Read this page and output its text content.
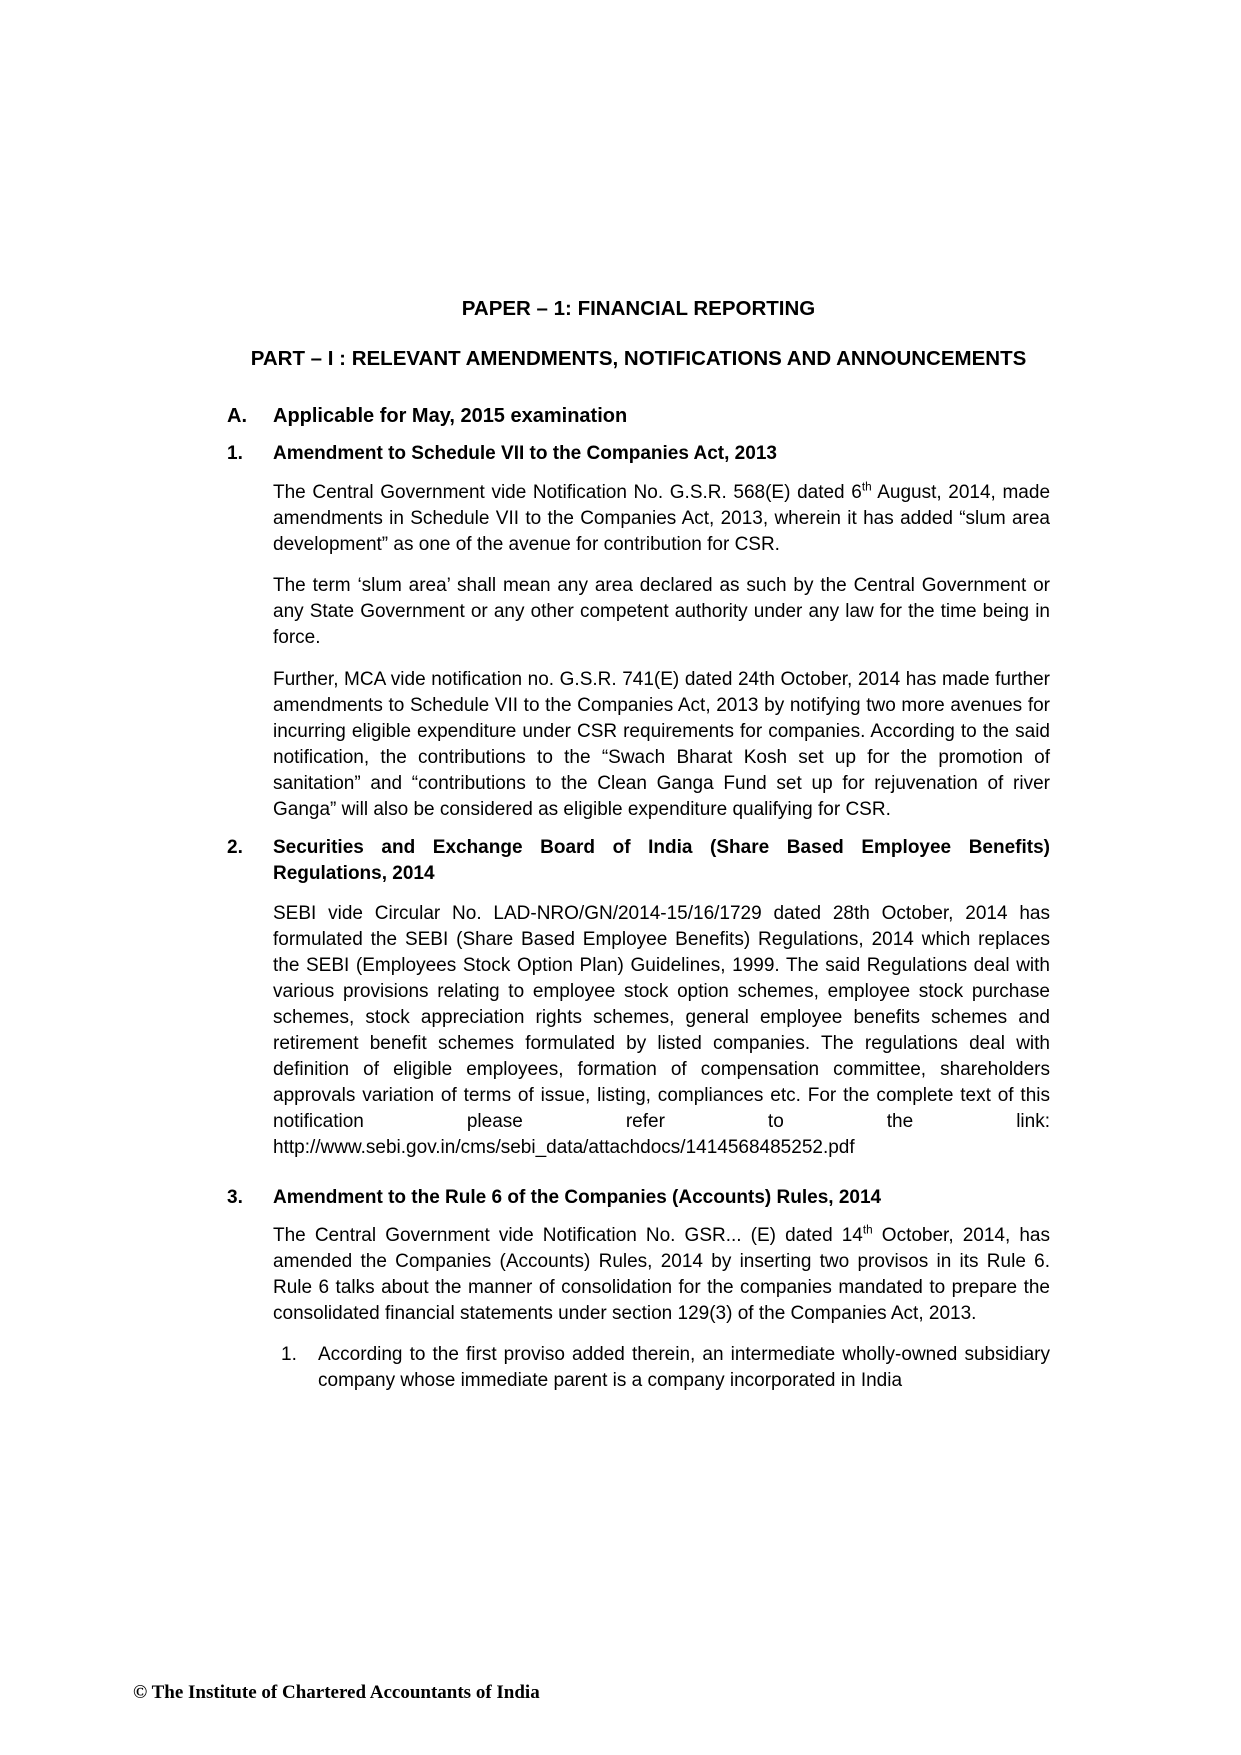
PAPER – 1: FINANCIAL REPORTING
PART – I : RELEVANT AMENDMENTS, NOTIFICATIONS AND ANNOUNCEMENTS
A. Applicable for May, 2015 examination
1. Amendment to Schedule VII to the Companies Act, 2013

The Central Government vide Notification No. G.S.R. 568(E) dated 6th August, 2014, made amendments in Schedule VII to the Companies Act, 2013, wherein it has added “slum area development” as one of the avenue for contribution for CSR.

The term ‘slum area’ shall mean any area declared as such by the Central Government or any State Government or any other competent authority under any law for the time being in force.

Further, MCA vide notification no. G.S.R. 741(E) dated 24th October, 2014 has made further amendments to Schedule VII to the Companies Act, 2013 by notifying two more avenues for incurring eligible expenditure under CSR requirements for companies. According to the said notification, the contributions to the “Swach Bharat Kosh set up for the promotion of sanitation” and “contributions to the Clean Ganga Fund set up for rejuvenation of river Ganga” will also be considered as eligible expenditure qualifying for CSR.

2. Securities and Exchange Board of India (Share Based Employee Benefits) Regulations, 2014

SEBI vide Circular No. LAD-NRO/GN/2014-15/16/1729 dated 28th October, 2014 has formulated the SEBI (Share Based Employee Benefits) Regulations, 2014 which replaces the SEBI (Employees Stock Option Plan) Guidelines, 1999. The said Regulations deal with various provisions relating to employee stock option schemes, employee stock purchase schemes, stock appreciation rights schemes, general employee benefits schemes and retirement benefit schemes formulated by listed companies. The regulations deal with definition of eligible employees, formation of compensation committee, shareholders approvals variation of terms of issue, listing, compliances etc. For the complete text of this notification please refer to the link: http://www.sebi.gov.in/cms/sebi_data/attachdocs/1414568485252.pdf

3. Amendment to the Rule 6 of the Companies (Accounts) Rules, 2014

The Central Government vide Notification No. GSR... (E) dated 14th October, 2014, has amended the Companies (Accounts) Rules, 2014 by inserting two provisos in its Rule 6. Rule 6 talks about the manner of consolidation for the companies mandated to prepare the consolidated financial statements under section 129(3) of the Companies Act, 2013.

1. According to the first proviso added therein, an intermediate wholly-owned subsidiary company whose immediate parent is a company incorporated in India
© The Institute of Chartered Accountants of India
